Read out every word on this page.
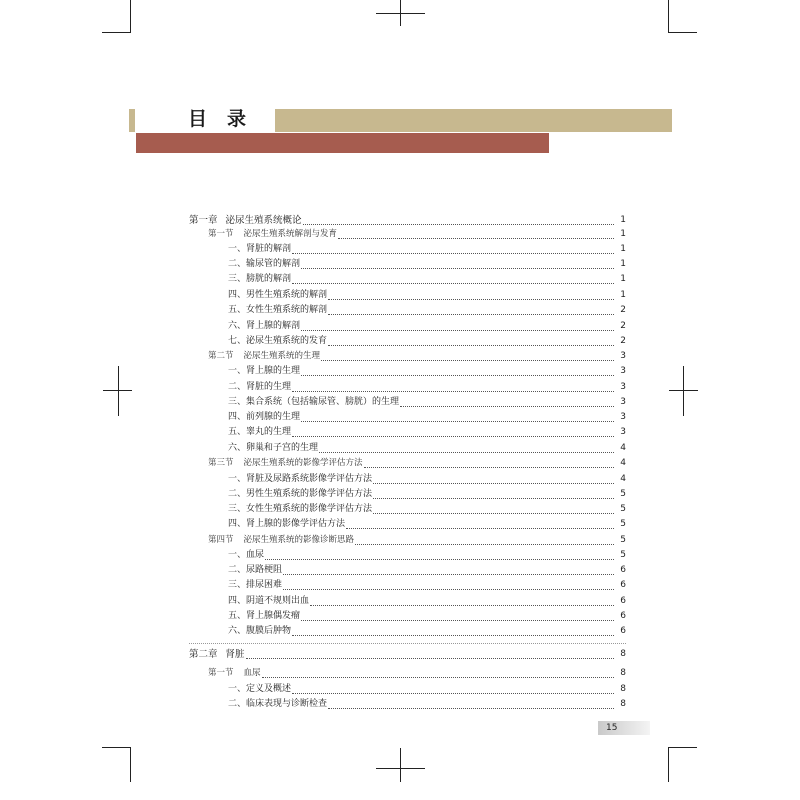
目录
第一章 泌尿生殖系统概论	1
第一节 泌尿生殖系统解剖与发育	1
一、肾脏的解剖	1
二、输尿管的解剖	1
三、膀胱的解剖	1
四、男性生殖系统的解剖	1
五、女性生殖系统的解剖	2
六、肾上腺的解剖	2
七、泌尿生殖系统的发育	2
第二节 泌尿生殖系统的生理	3
一、肾上腺的生理	3
二、肾脏的生理	3
三、集合系统（包括输尿管、膀胱）的生理	3
四、前列腺的生理	3
五、睾丸的生理	3
六、卵巢和子宫的生理	4
第三节 泌尿生殖系统的影像学评估方法	4
一、肾脏及尿路系统影像学评估方法	4
二、男性生殖系统的影像学评估方法	5
三、女性生殖系统的影像学评估方法	5
四、肾上腺的影像学评估方法	5
第四节 泌尿生殖系统的影像诊断思路	5
一、血尿	5
二、尿路梗阻	6
三、排尿困难	6
四、阴道不规则出血	6
五、肾上腺偶发瘤	6
六、腹膜后肿物	6
第二章 肾脏	8
第一节 血尿	8
一、定义及概述	8
二、临床表现与诊断检查	8
15
